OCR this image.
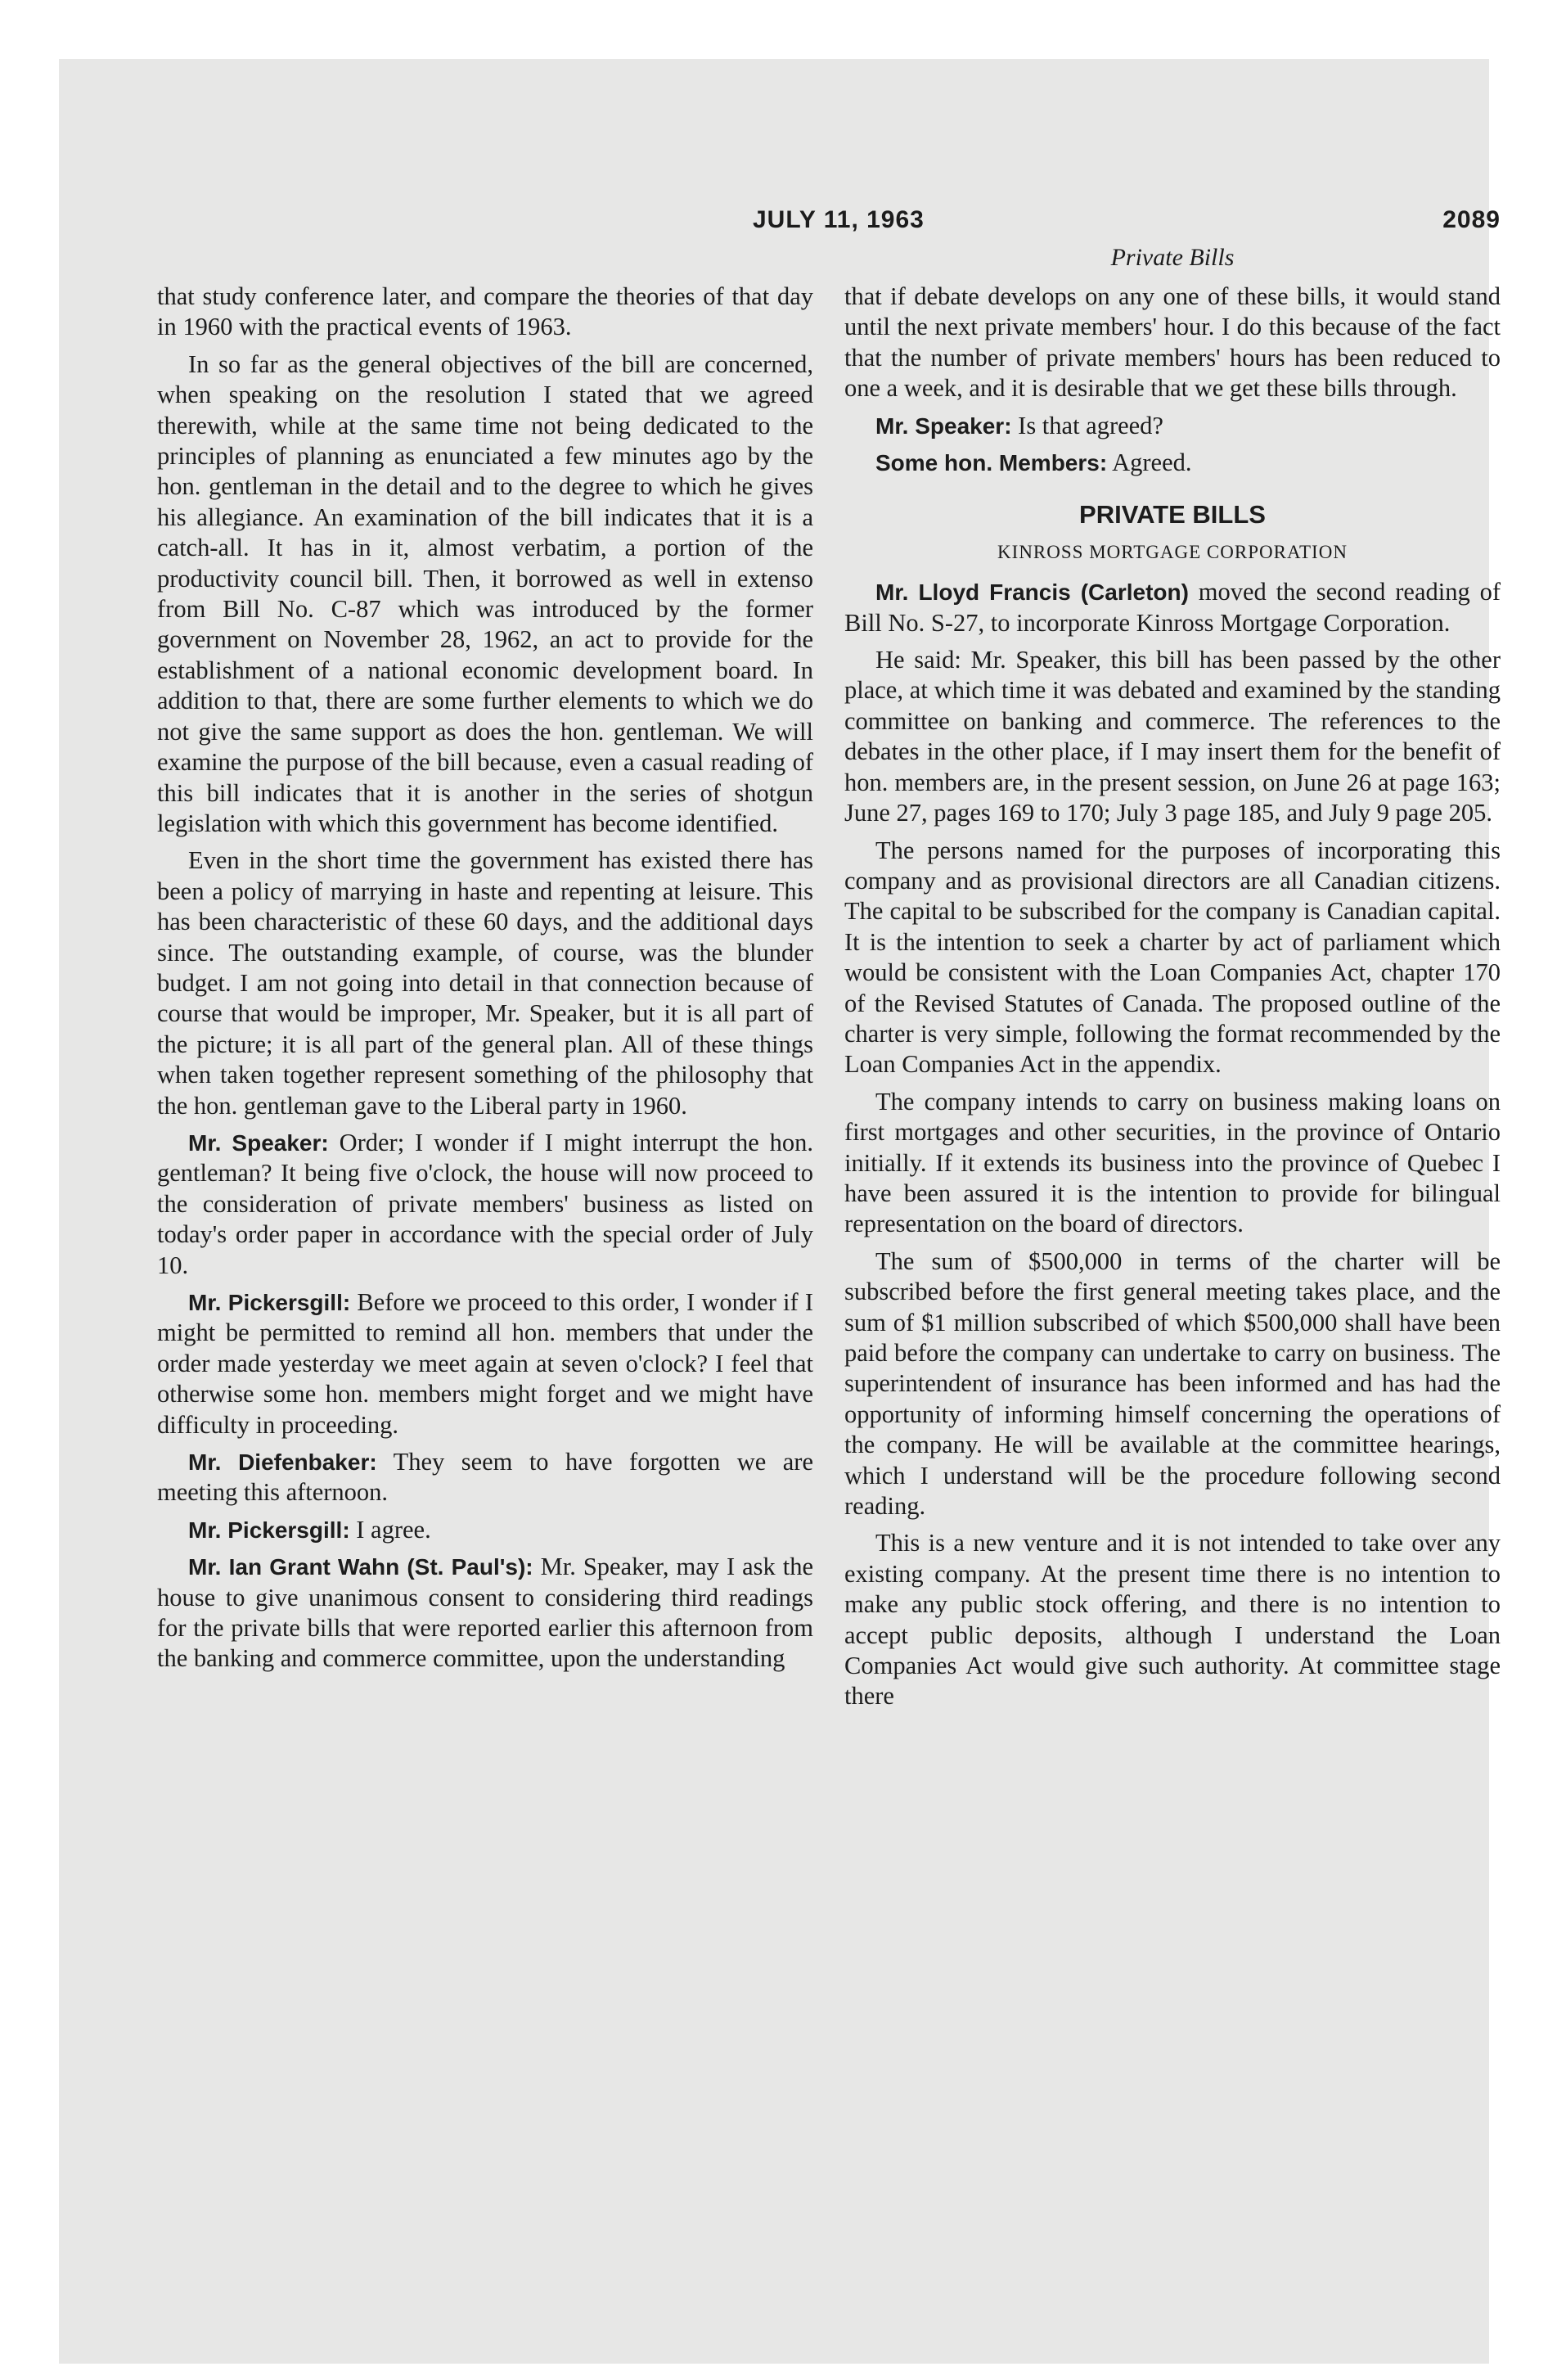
JULY 11, 1963	2089
Private Bills

that study conference later, and compare the theories of that day in 1960 with the practical events of 1963.

In so far as the general objectives of the bill are concerned, when speaking on the resolution I stated that we agreed therewith, while at the same time not being dedicated to the principles of planning as enunciated a few minutes ago by the hon. gentleman in the detail and to the degree to which he gives his allegiance. An examination of the bill indicates that it is a catch-all. It has in it, almost verbatim, a portion of the productivity council bill. Then, it borrowed as well in extenso from Bill No. C-87 which was introduced by the former government on November 28, 1962, an act to provide for the establishment of a national economic development board. In addition to that, there are some further elements to which we do not give the same support as does the hon. gentleman. We will examine the purpose of the bill because, even a casual reading of this bill indicates that it is another in the series of shotgun legislation with which this government has become identified.

Even in the short time the government has existed there has been a policy of marrying in haste and repenting at leisure. This has been characteristic of these 60 days, and the additional days since. The outstanding example, of course, was the blunder budget. I am not going into detail in that connection because of course that would be improper, Mr. Speaker, but it is all part of the picture; it is all part of the general plan. All of these things when taken together represent something of the philosophy that the hon. gentleman gave to the Liberal party in 1960.

Mr. Speaker: Order; I wonder if I might interrupt the hon. gentleman? It being five o'clock, the house will now proceed to the consideration of private members' business as listed on today's order paper in accordance with the special order of July 10.

Mr. Pickersgill: Before we proceed to this order, I wonder if I might be permitted to remind all hon. members that under the order made yesterday we meet again at seven o'clock? I feel that otherwise some hon. members might forget and we might have difficulty in proceeding.

Mr. Diefenbaker: They seem to have forgotten we are meeting this afternoon.

Mr. Pickersgill: I agree.

Mr. Ian Grant Wahn (St. Paul's): Mr. Speaker, may I ask the house to give unanimous consent to considering third readings for the private bills that were reported earlier this afternoon from the banking and commerce committee, upon the understanding

that if debate develops on any one of these bills, it would stand until the next private members' hour. I do this because of the fact that the number of private members' hours has been reduced to one a week, and it is desirable that we get these bills through.

Mr. Speaker: Is that agreed?

Some hon. Members: Agreed.

PRIVATE BILLS
KINROSS MORTGAGE CORPORATION

Mr. Lloyd Francis (Carleton) moved the second reading of Bill No. S-27, to incorporate Kinross Mortgage Corporation.

He said: Mr. Speaker, this bill has been passed by the other place, at which time it was debated and examined by the standing committee on banking and commerce. The references to the debates in the other place, if I may insert them for the benefit of hon. members are, in the present session, on June 26 at page 163; June 27, pages 169 to 170; July 3 page 185, and July 9 page 205.

The persons named for the purposes of incorporating this company and as provisional directors are all Canadian citizens. The capital to be subscribed for the company is Canadian capital. It is the intention to seek a charter by act of parliament which would be consistent with the Loan Companies Act, chapter 170 of the Revised Statutes of Canada. The proposed outline of the charter is very simple, following the format recommended by the Loan Companies Act in the appendix.

The company intends to carry on business making loans on first mortgages and other securities, in the province of Ontario initially. If it extends its business into the province of Quebec I have been assured it is the intention to provide for bilingual representation on the board of directors.

The sum of $500,000 in terms of the charter will be subscribed before the first general meeting takes place, and the sum of $1 million subscribed of which $500,000 shall have been paid before the company can undertake to carry on business. The superintendent of insurance has been informed and has had the opportunity of informing himself concerning the operations of the company. He will be available at the committee hearings, which I understand will be the procedure following second reading.

This is a new venture and it is not intended to take over any existing company. At the present time there is no intention to make any public stock offering, and there is no intention to accept public deposits, although I understand the Loan Companies Act would give such authority. At committee stage there
